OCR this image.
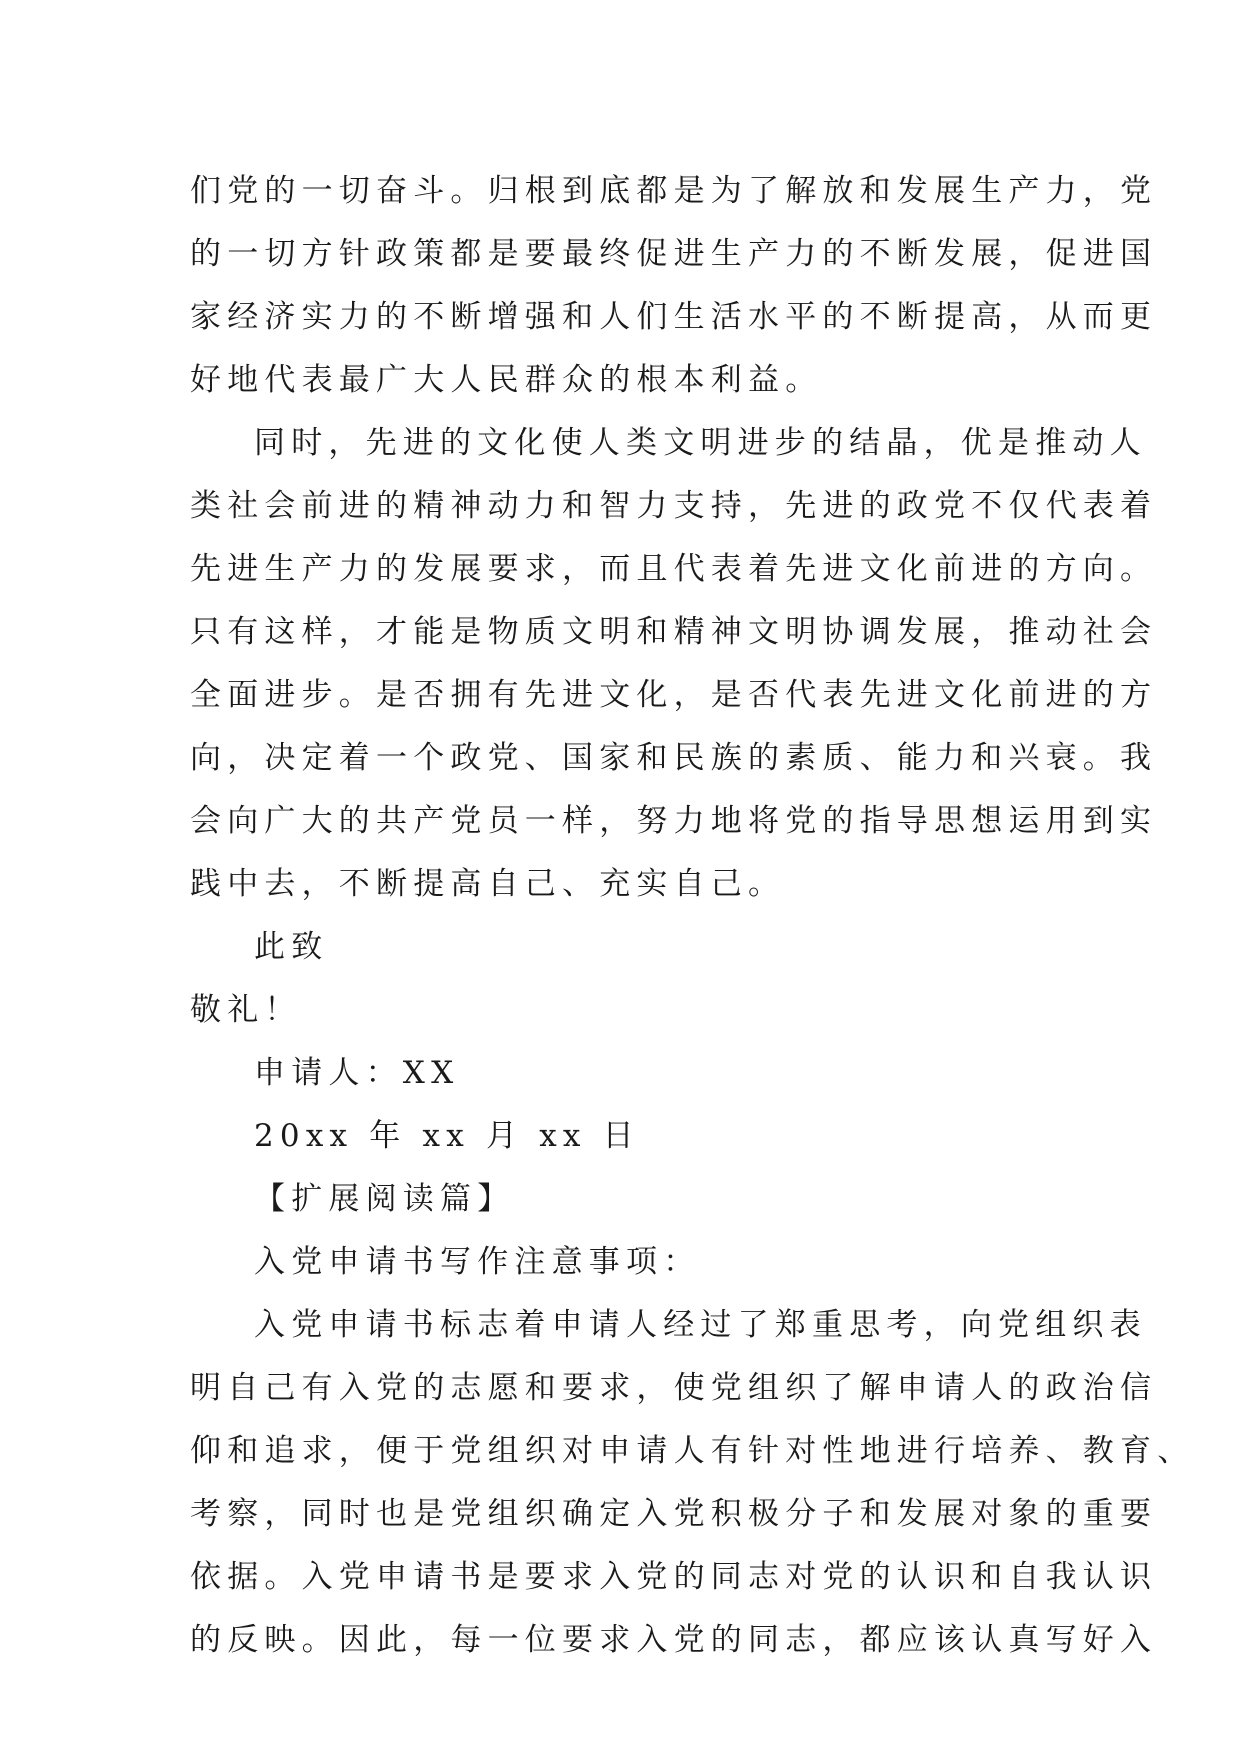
们党的一切奋斗。归根到底都是为了解放和发展生产力，党
的一切方针政策都是要最终促进生产力的不断发展，促进国
家经济实力的不断增强和人们生活水平的不断提高，从而更
好地代表最广大人民群众的根本利益。
同时，先进的文化使人类文明进步的结晶，优是推动人
类社会前进的精神动力和智力支持，先进的政党不仅代表着
先进生产力的发展要求，而且代表着先进文化前进的方向。
只有这样，才能是物质文明和精神文明协调发展，推动社会
全面进步。是否拥有先进文化，是否代表先进文化前进的方
向，决定着一个政党、国家和民族的素质、能力和兴衰。我
会向广大的共产党员一样，努力地将党的指导思想运用到实
践中去，不断提高自己、充实自己。
此致
敬礼！
申请人：XX
20xx 年 xx 月 xx 日
【扩展阅读篇】
入党申请书写作注意事项：
入党申请书标志着申请人经过了郑重思考，向党组织表
明自己有入党的志愿和要求，使党组织了解申请人的政治信
仰和追求，便于党组织对申请人有针对性地进行培养、教育、
考察，同时也是党组织确定入党积极分子和发展对象的重要
依据。入党申请书是要求入党的同志对党的认识和自我认识
的反映。因此，每一位要求入党的同志，都应该认真写好入
